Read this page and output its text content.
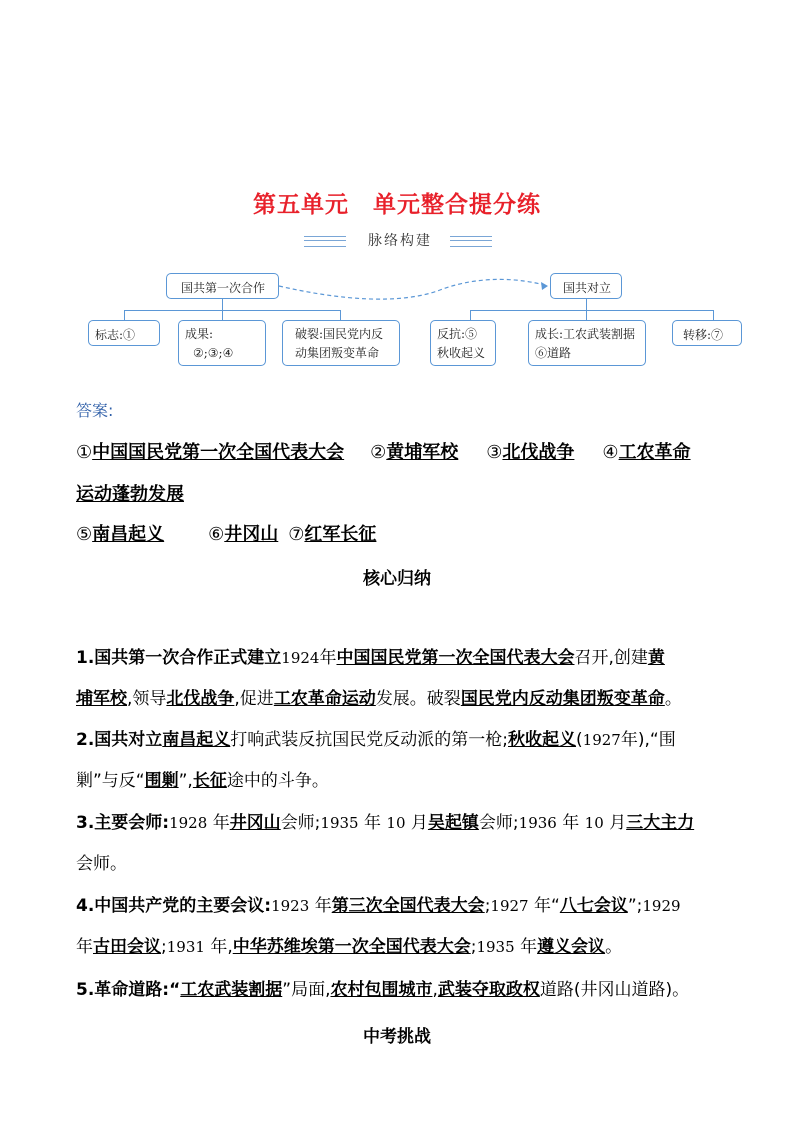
第五单元　单元整合提分练
脉络构建
国共第一次合作	国共对立
标志:①	成果:
②;③;④
破裂:国民党内反
动集团叛变革命
反抗:⑤
秋收起义
成长:工农武装割据
⑥道路
转移:⑦
答案:
①中国国民党第一次全国代表大会 ②黄埔军校 ③北伐战争 ④工农革命
运动蓬勃发展
⑤南昌起义 ⑥井冈山 ⑦红军长征
核心归纳
1.国共第一次合作正式建立1924年中国国民党第一次全国代表大会召开,创建黄
埔军校,领导北伐战争,促进工农革命运动发展。破裂国民党内反动集团叛变革命。
2.国共对立南昌起义打响武装反抗国民党反动派的第一枪;秋收起义(1927年),“围
剿”与反“围剿”,长征途中的斗争。
3.主要会师:1928 年井冈山会师;1935 年 10 月吴起镇会师;1936 年 10 月三大主力
会师。
4.中国共产党的主要会议:1923 年第三次全国代表大会;1927 年“八七会议”;1929
年古田会议;1931 年,中华苏维埃第一次全国代表大会;1935 年遵义会议。
5.革命道路:“工农武装割据”局面,农村包围城市,武装夺取政权道路(井冈山道路)。
中考挑战
